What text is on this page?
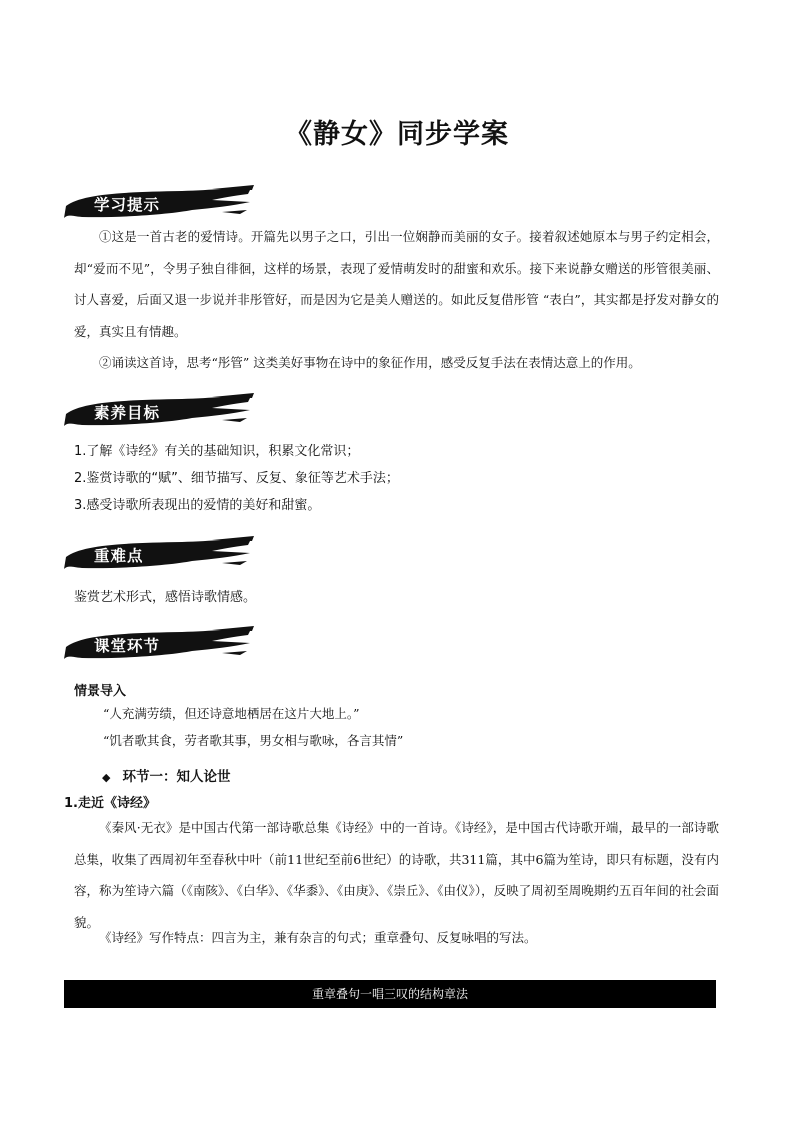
《静女》同步学案
学习提示
①这是一首古老的爱情诗。开篇先以男子之口，引出一位娴静而美丽的女子。接着叙述她原本与男子约定相会，却“爱而不见”，令男子独自徘徊，这样的场景，表现了爱情萌发时的甜蜜和欢乐。接下来说静女赠送的彤管很美丽、讨人喜爱，后面又退一步说并非彤管好，而是因为它是美人赠送的。如此反复借彤管 “表白”，其实都是抒发对静女的爱，真实且有情趣。
②诵读这首诗，思考“彤管” 这类美好事物在诗中的象征作用，感受反复手法在表情达意上的作用。
素养目标
1.了解《诗经》有关的基础知识，积累文化常识；
2.鉴赏诗歌的“赋”、细节描写、反复、象征等艺术手法；
3.感受诗歌所表现出的爱情的美好和甜蜜。
重难点
鉴赏艺术形式，感悟诗歌情感。
课堂环节
情景导入
“人充满劳绩，但还诗意地栖居在这片大地上。”
“饥者歌其食，劳者歌其事，男女相与歌咏，各言其情”
◆ 环节一：知人论世
1.走近《诗经》
《秦风·无衣》是中国古代第一部诗歌总集《诗经》中的一首诗。《诗经》，是中国古代诗歌开端，最早的一部诗歌总集，收集了西周初年至春秋中叶（前11世纪至前6世纪）的诗歌，共311篇，其中6篇为笙诗，即只有标题，没有内容，称为笙诗六篇（《南陔》、《白华》、《华黍》、《由庚》、《崇丘》、《由仪》），反映了周初至周晚期约五百年间的社会面貌。
《诗经》写作特点：四言为主，兼有杂言的句式；重章叠句、反复咏唱的写法。
重章叠句一唱三叹的结构章法
